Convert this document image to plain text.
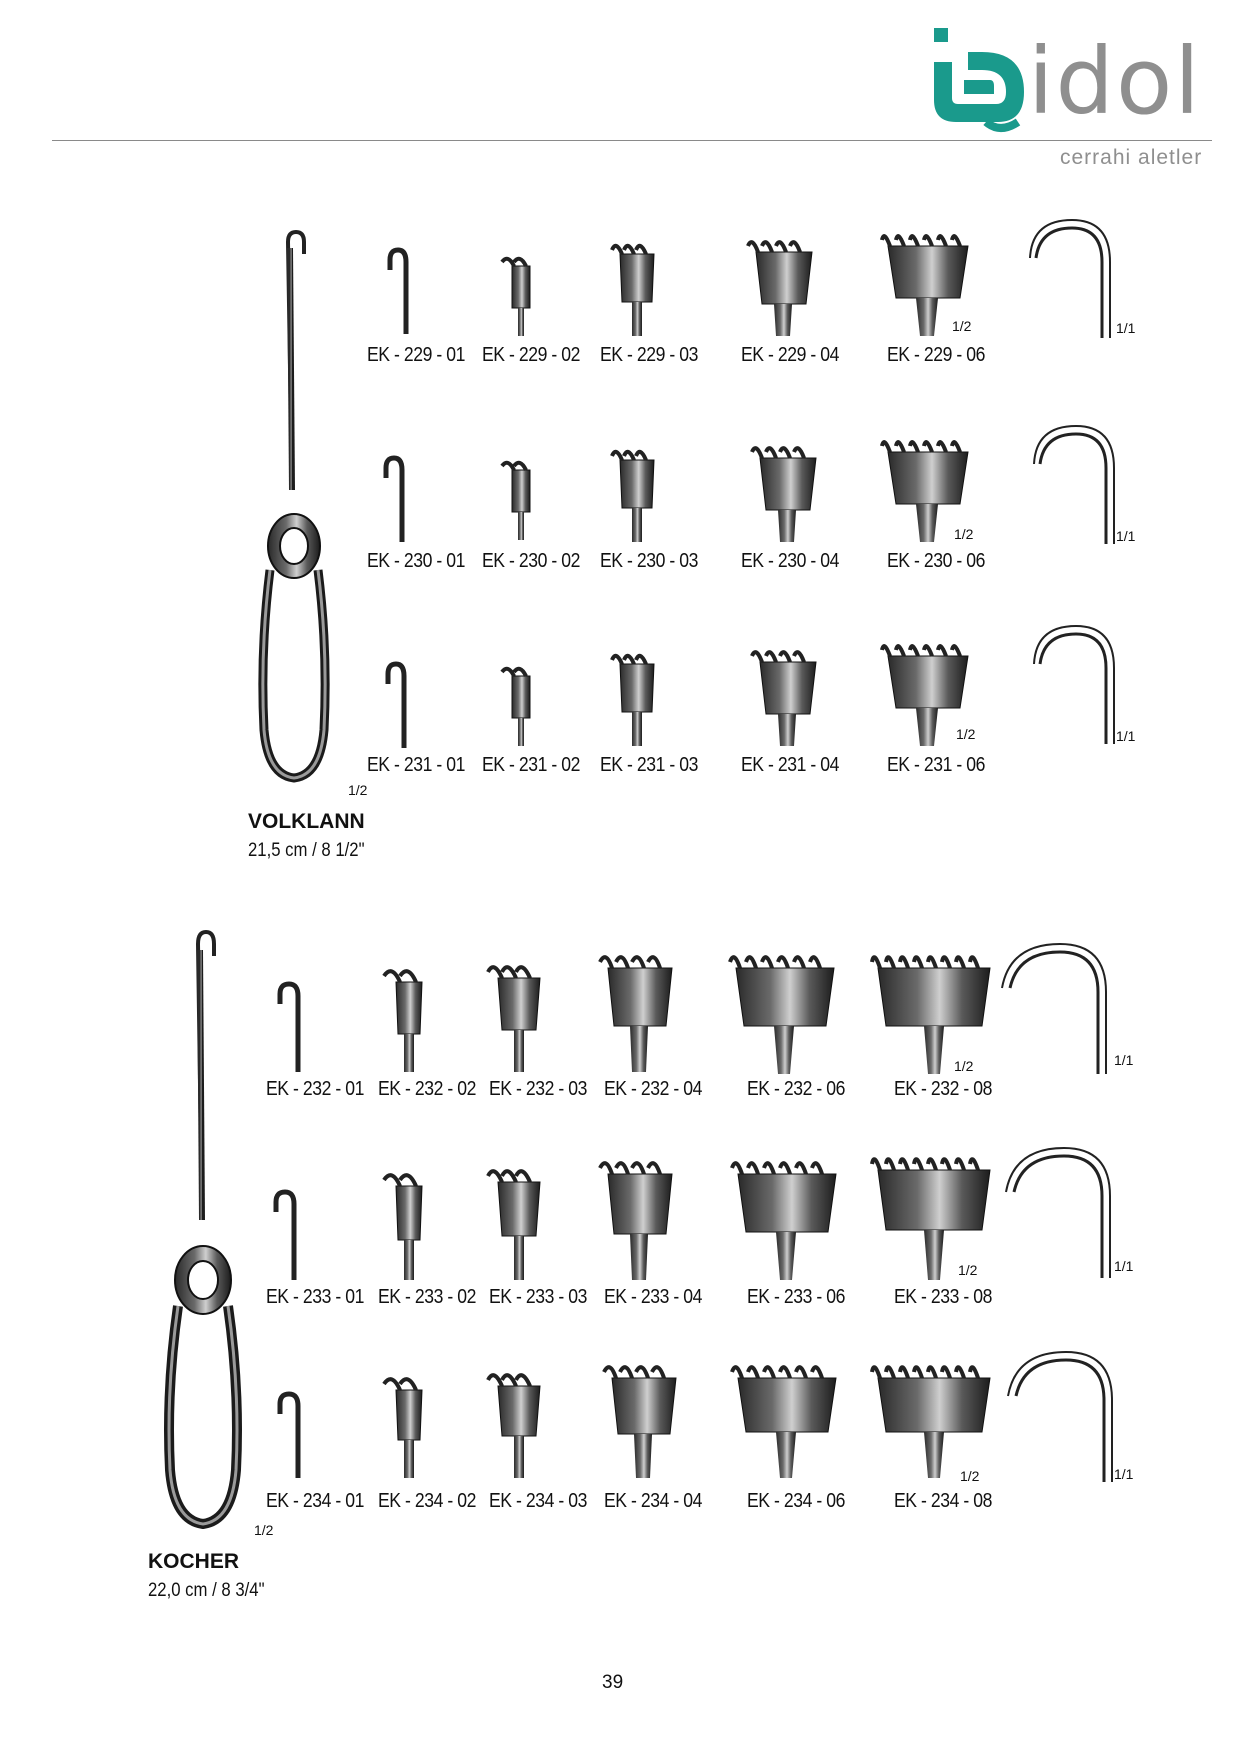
idol
cerrahi aletler
1/2
VOLKLANN
21,5 cm / 8 1/2"
1/2
KOCHER
22,0 cm / 8 3/4"
1/2	1/1
EK - 229 - 01 EK - 229 - 02 EK - 229 - 03 EK - 229 - 04 EK - 229 - 06
1/2	1/1
EK - 230 - 01 EK - 230 - 02 EK - 230 - 03 EK - 230 - 04 EK - 230 - 06
1/2	1/1
EK - 231 - 01 EK - 231 - 02 EK - 231 - 03 EK - 231 - 04 EK - 231 - 06
1/2	1/1
EK - 232 - 01 EK - 232 - 02 EK - 232 - 03 EK - 232 - 04 EK - 232 - 06 EK - 232 - 08
1/2	1/1
EK - 233 - 01 EK - 233 - 02 EK - 233 - 03 EK - 233 - 04 EK - 233 - 06 EK - 233 - 08
1/2	1/1
EK - 234 - 01 EK - 234 - 02 EK - 234 - 03 EK - 234 - 04 EK - 234 - 06 EK - 234 - 08
39
